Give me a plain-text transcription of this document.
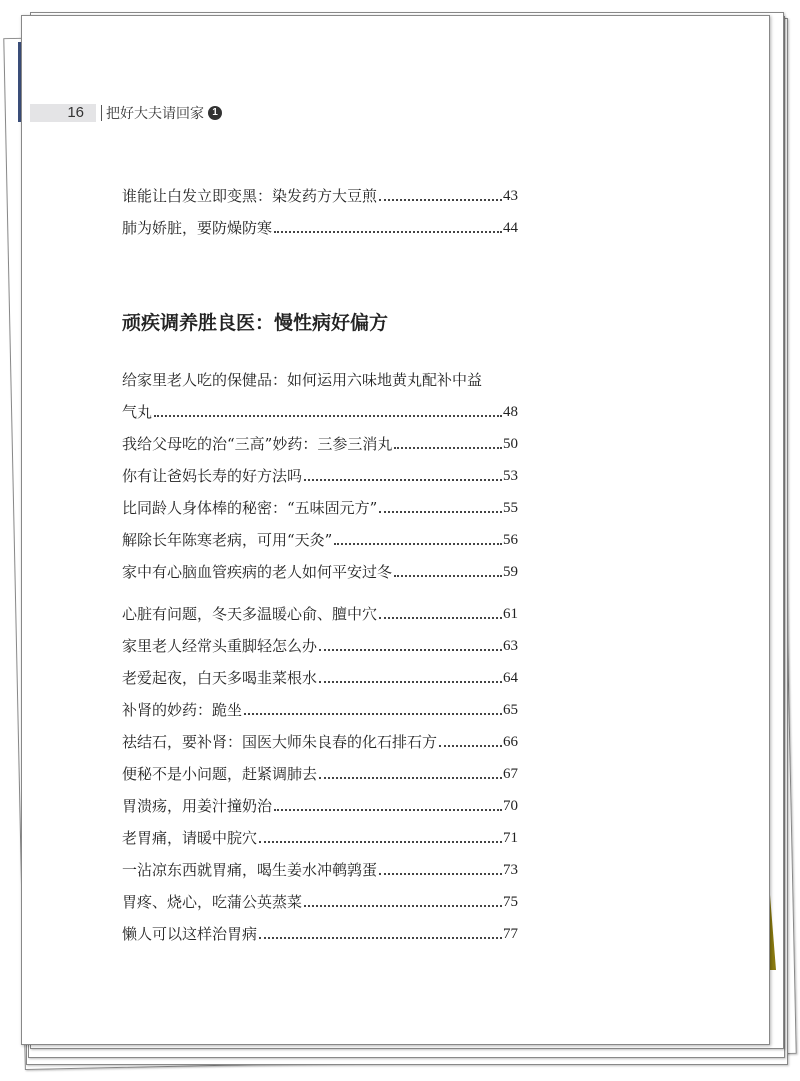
16	把好大夫请回家 1
谁能让白发立即变黑：染发药方大豆煎	43
肺为娇脏，要防燥防寒	44
顽疾调养胜良医：慢性病好偏方
给家里老人吃的保健品：如何运用六味地黄丸配补中益
气丸	48
我给父母吃的治“三高”妙药：三参三消丸	50
你有让爸妈长寿的好方法吗	53
比同龄人身体棒的秘密：“五味固元方”	55
解除长年陈寒老病，可用“天灸”	56
家中有心脑血管疾病的老人如何平安过冬	59
心脏有问题，冬天多温暖心俞、膻中穴	61
家里老人经常头重脚轻怎么办	63
老爱起夜，白天多喝韭菜根水	64
补肾的妙药：跪坐	65
祛结石，要补肾：国医大师朱良春的化石排石方	66
便秘不是小问题，赶紧调肺去	67
胃溃疡，用姜汁撞奶治	70
老胃痛，请暖中脘穴	71
一沾凉东西就胃痛，喝生姜水冲鹌鹑蛋	73
胃疼、烧心，吃蒲公英蒸菜	75
懒人可以这样治胃病	77
